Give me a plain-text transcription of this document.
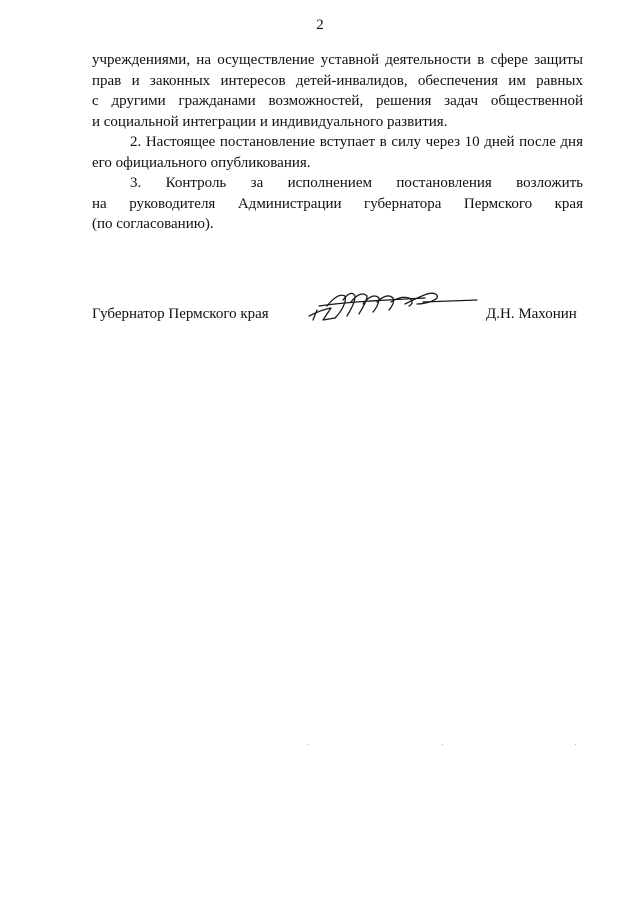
2
учреждениями, на осуществление уставной деятельности в сфере защиты
прав и законных интересов детей-инвалидов, обеспечения им равных
с другими гражданами возможностей, решения задач общественной
и социальной интеграции и индивидуального развития.
2. Настоящее постановление вступает в силу через 10 дней после дня
его официального опубликования.
3. Контроль за исполнением постановления возложить
на руководителя Администрации губернатора Пермского края
(по согласованию).
Губернатор Пермского края	Д.Н. Махонин
